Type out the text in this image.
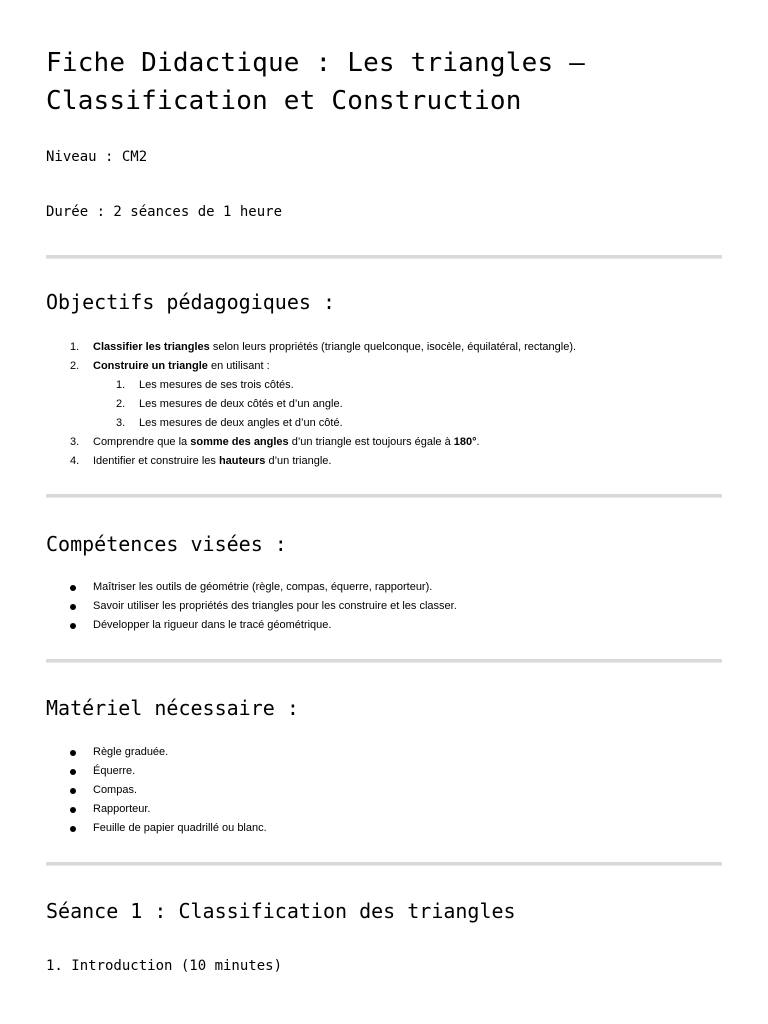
Fiche Didactique : Les triangles –
Classification et Construction

Niveau : CM2

Durée : 2 séances de 1 heure

Objectifs pédagogiques :
1.	Classifier les triangles selon leurs propriétés (triangle quelconque, isocèle, équilatéral, rectangle).
2.	Construire un triangle en utilisant :
1.	Les mesures de ses trois côtés.
2.	Les mesures de deux côtés et d’un angle.
3.	Les mesures de deux angles et d’un côté.
3.	Comprendre que la somme des angles d’un triangle est toujours égale à 180°.
4.	Identifier et construire les hauteurs d’un triangle.
Compétences visées :
Maîtriser les outils de géométrie (règle, compas, équerre, rapporteur).
Savoir utiliser les propriétés des triangles pour les construire et les classer.
Développer la rigueur dans le tracé géométrique.
Matériel nécessaire :
Règle graduée.
Équerre.
Compas.
Rapporteur.
Feuille de papier quadrillé ou blanc.
Séance 1 : Classification des triangles

1. Introduction (10 minutes)
